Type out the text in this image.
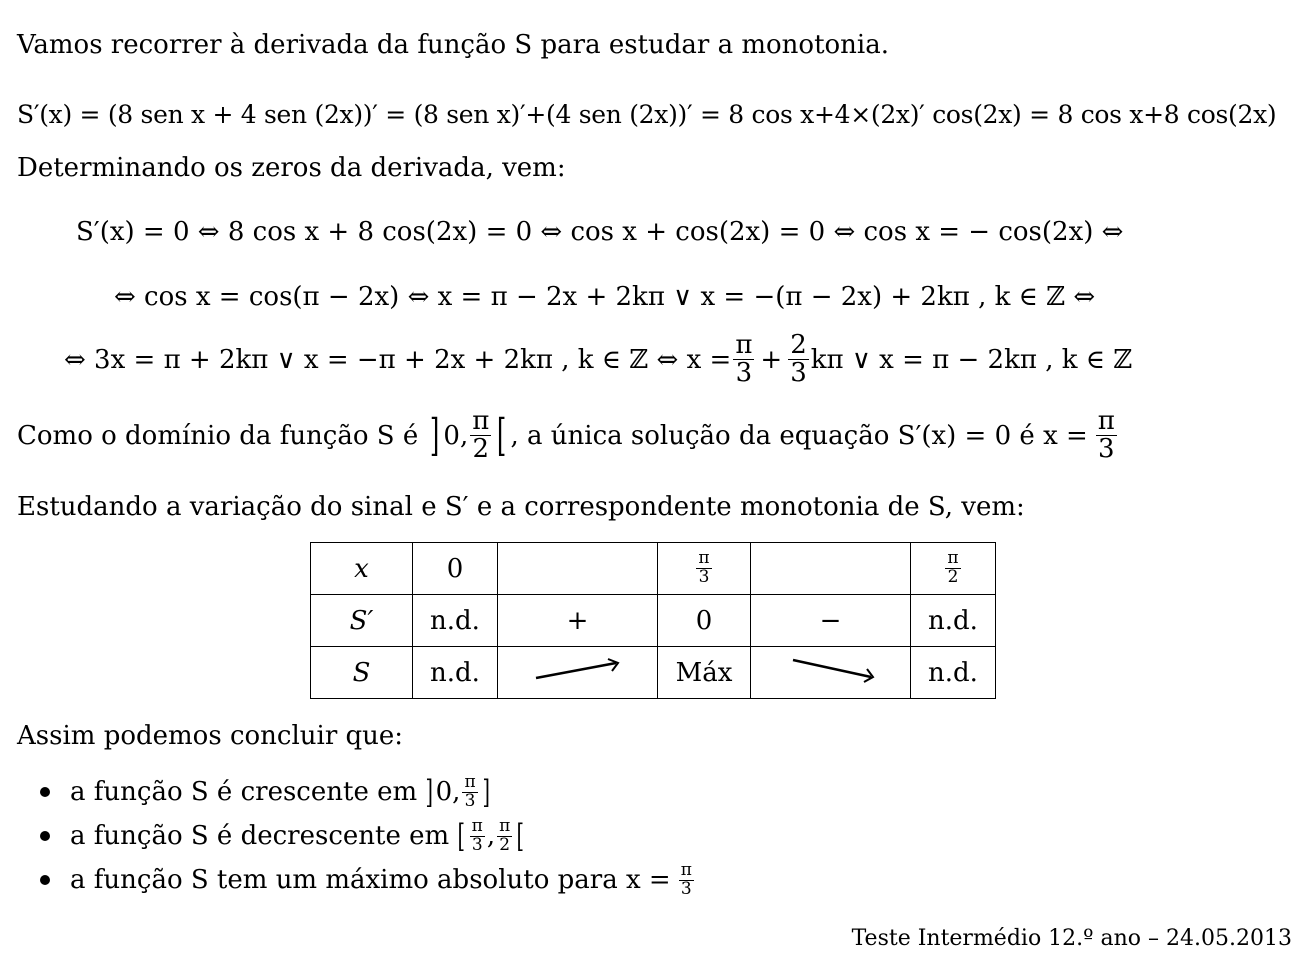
Vamos recorrer à derivada da função S para estudar a monotonia.
S′(x) = (8 sen x + 4 sen (2x))′ = (8 sen x)′+(4 sen (2x))′ = 8 cos x+4×(2x)′ cos(2x) = 8 cos x+8 cos(2x)
Determinando os zeros da derivada, vem:
S′(x) = 0 ⇔ 8 cos x + 8 cos(2x) = 0 ⇔ cos x + cos(2x) = 0 ⇔ cos x = − cos(2x) ⇔
⇔ cos x = cos(π − 2x) ⇔ x = π − 2x + 2kπ ∨ x = −(π − 2x) + 2kπ , k ∈ ℤ ⇔
⇔ 3x = π + 2kπ ∨ x = −π + 2x + 2kπ , k ∈ ℤ ⇔ $x = \frac{\pi}{3} + \frac{2}{3}$ kπ ∨ x = π − 2kπ , k ∈ ℤ
Como o domínio da função S é ] 0, $\frac{\pi}{2}$ [ , a única solução da equação S′(x) = 0 é $x = \frac{\pi}{3}$
Estudando a variação do sinal e S′ e a correspondente monotonia de S, vem:
x	0		$\frac{\pi}{3}$		$\frac{\pi}{2}$

S′	n.d.	+	0	−	n.d.
S	n.d.		Máx		n.d.
Assim podemos concluir que:
a função S é crescente em ] 0, $\frac{\pi}{3}$ ]
a função S é decrescente em [ $\frac{\pi}{3}$ , $\frac{\pi}{2}$ [
a função S tem um máximo absoluto para $x = \frac{\pi}{3}$
Teste Intermédio 12.º ano – 24.05.2013
